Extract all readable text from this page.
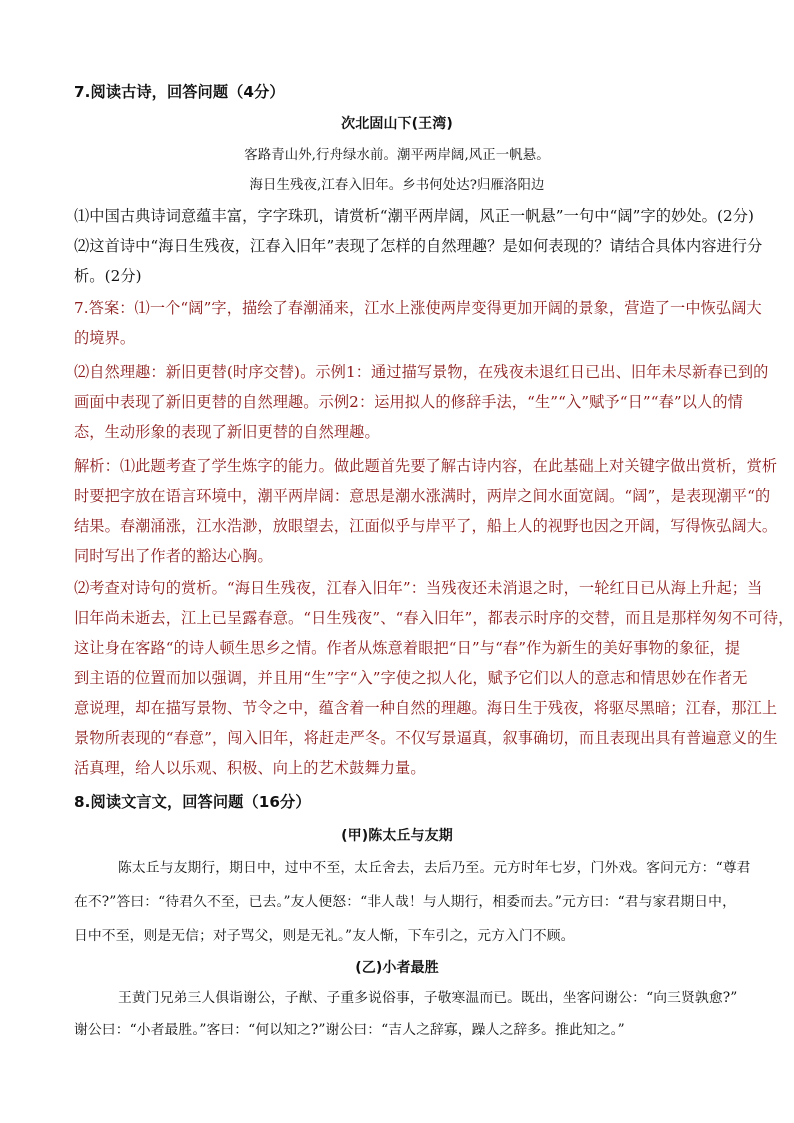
7.阅读古诗，回答问题（4分）
次北固山下(王湾)
客路青山外,行舟绿水前。潮平两岸阔,风正一帆悬。
海日生残夜,江春入旧年。乡书何处达?归雁洛阳边
⑴中国古典诗词意蕴丰富，字字珠玑，请赏析“潮平两岸阔，风正一帆悬”一句中“阔”字的妙处。(2分)
⑵这首诗中“海日生残夜，江春入旧年”表现了怎样的自然理趣？是如何表现的？请结合具体内容进行分
析。(2分)
7.答案：⑴一个“阔”字，描绘了春潮涌来，江水上涨使两岸变得更加开阔的景象，营造了一中恢弘阔大
的境界。
⑵自然理趣：新旧更替(时序交替)。示例1：通过描写景物，在残夜未退红日已出、旧年未尽新春已到的
画面中表现了新旧更替的自然理趣。示例2：运用拟人的修辞手法，“生”“入”赋予“日”“春”以人的情
态，生动形象的表现了新旧更替的自然理趣。
解析：⑴此题考查了学生炼字的能力。做此题首先要了解古诗内容，在此基础上对关键字做出赏析，赏析
时要把字放在语言环境中，潮平两岸阔：意思是潮水涨满时，两岸之间水面宽阔。“阔”，是表现潮平“的
结果。春潮涌涨，江水浩渺，放眼望去，江面似乎与岸平了，船上人的视野也因之开阔，写得恢弘阔大。
同时写出了作者的豁达心胸。
⑵考查对诗句的赏析。“海日生残夜，江春入旧年”：当残夜还未消退之时，一轮红日已从海上升起；当
旧年尚未逝去，江上已呈露春意。“日生残夜”、“春入旧年”，都表示时序的交替，而且是那样匆匆不可待，
这让身在客路“的诗人顿生思乡之情。作者从炼意着眼把“日”与“春”作为新生的美好事物的象征，提
到主语的位置而加以强调，并且用“生”字“入”字使之拟人化，赋予它们以人的意志和情思妙在作者无
意说理，却在描写景物、节令之中，蕴含着一种自然的理趣。海日生于残夜，将驱尽黑暗；江春，那江上
景物所表现的“春意”，闯入旧年，将赶走严冬。不仅写景逼真，叙事确切，而且表现出具有普遍意义的生
活真理，给人以乐观、积极、向上的艺术鼓舞力量。
8.阅读文言文，回答问题（16分）
(甲)陈太丘与友期
陈太丘与友期行，期日中，过中不至，太丘舍去，去后乃至。元方时年七岁，门外戏。客问元方：“尊君
在不?”答曰：“待君久不至，已去。”友人便怒：“非人哉！与人期行，相委而去。”元方曰：“君与家君期日中，
日中不至，则是无信；对子骂父，则是无礼。”友人惭，下车引之，元方入门不顾。
(乙)小者最胜
王黄门兄弟三人俱诣谢公，子猷、子重多说俗事，子敬寒温而已。既出，坐客问谢公：“向三贤孰愈?”
谢公曰：“小者最胜。”客曰：“何以知之?”谢公曰：“吉人之辞寡，躁人之辞多。推此知之。”
